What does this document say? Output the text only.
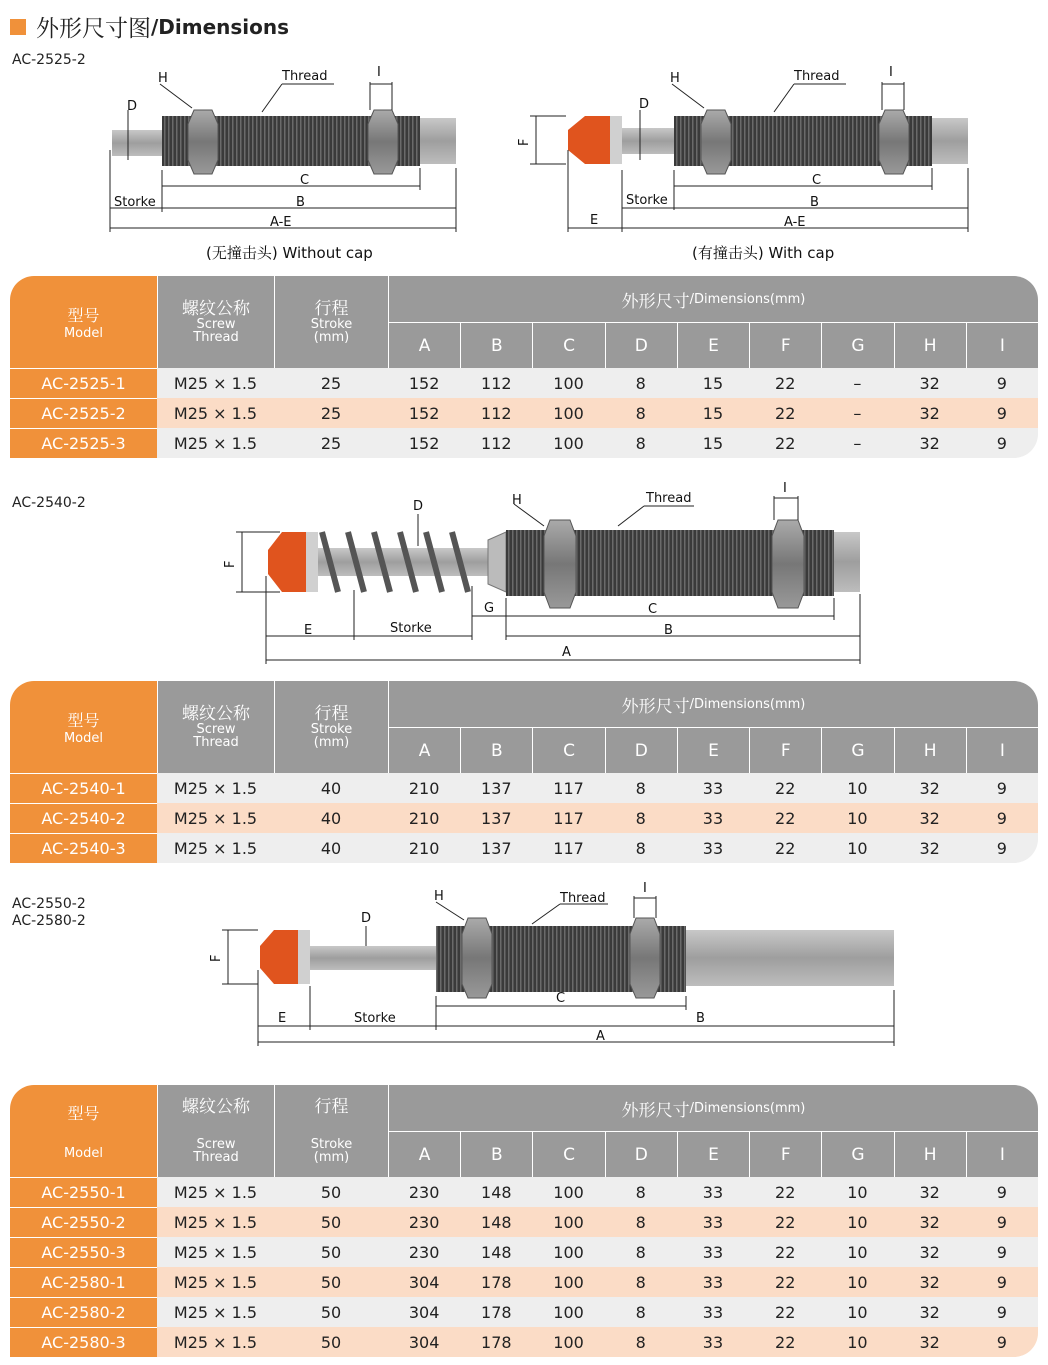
外形尺寸图 /Dimensions
AC-2525-2
AC-2540-2
AC-2550-2
AC-2580-2
H
D
Thread	I
C
B
Storke
A-E
H
D
Thread	I
F
C
B
Storke
A-E
E
(无撞击头) Without cap	(有撞击头) With cap
H
D
Thread
I
F
G	C
B
E	Storke
A
H
D
Thread
I
F
C
B
E	Storke
A
型号
Model
螺纹公称
Screw
Thread
行程
Stroke
(mm)
外形尺寸 /Dimensions(mm)
A	B	C	D	E	F	G	H	I
AC-2525-1	M25 × 1.5	25	152	112	100	8	15	22	–	32	9
AC-2525-2	M25 × 1.5	25	152	112	100	8	15	22	–	32	9
AC-2525-3	M25 × 1.5	25	152	112	100	8	15	22	–	32	9
型号
Model
螺纹公称
Screw
Thread
行程
Stroke
(mm)
外形尺寸 /Dimensions(mm)
A	B	C	D	E	F	G	H	I
AC-2540-1	M25 × 1.5	40	210	137	117	8	33	22	10	32	9
AC-2540-2	M25 × 1.5	40	210	137	117	8	33	22	10	32	9
AC-2540-3	M25 × 1.5	40	210	137	117	8	33	22	10	32	9
型号
Model
螺纹公称
Screw
Thread
行程
Stroke
(mm)
外形尺寸 /Dimensions(mm)
A	B	C	D	E	F	G	H	I
AC-2550-1	M25 × 1.5	50	230	148	100	8	33	22	10	32	9
AC-2550-2	M25 × 1.5	50	230	148	100	8	33	22	10	32	9
AC-2550-3	M25 × 1.5	50	230	148	100	8	33	22	10	32	9
AC-2580-1	M25 × 1.5	50	304	178	100	8	33	22	10	32	9
AC-2580-2	M25 × 1.5	50	304	178	100	8	33	22	10	32	9
AC-2580-3	M25 × 1.5	50	304	178	100	8	33	22	10	32	9
